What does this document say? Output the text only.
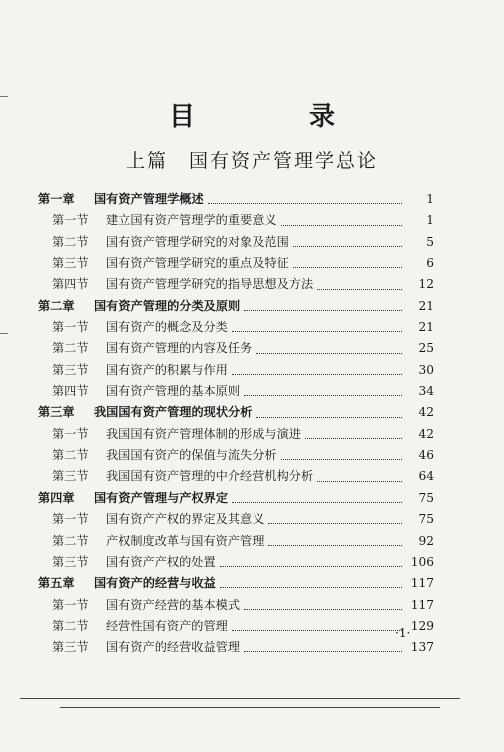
目　录
上篇　国有资产管理学总论
第一章	国有资产管理学概述	1
第一节	建立国有资产管理学的重要意义	1
第二节	国有资产管理学研究的对象及范围	5
第三节	国有资产管理学研究的重点及特征	6
第四节	国有资产管理学研究的指导思想及方法	12
第二章	国有资产管理的分类及原则	21
第一节	国有资产的概念及分类	21
第二节	国有资产管理的内容及任务	25
第三节	国有资产的积累与作用	30
第四节	国有资产管理的基本原则	34
第三章	我国国有资产管理的现状分析	42
第一节	我国国有资产管理体制的形成与演进	42
第二节	我国国有资产的保值与流失分析	46
第三节	我国国有资产管理的中介经营机构分析	64
第四章	国有资产管理与产权界定	75
第一节	国有资产产权的界定及其意义	75
第二节	产权制度改革与国有资产管理	92
第三节	国有资产产权的处置	106
第五章	国有资产的经营与收益	117
第一节	国有资产经营的基本模式	117
第二节	经营性国有资产的管理	129
第三节	国有资产的经营收益管理	137
·1·
